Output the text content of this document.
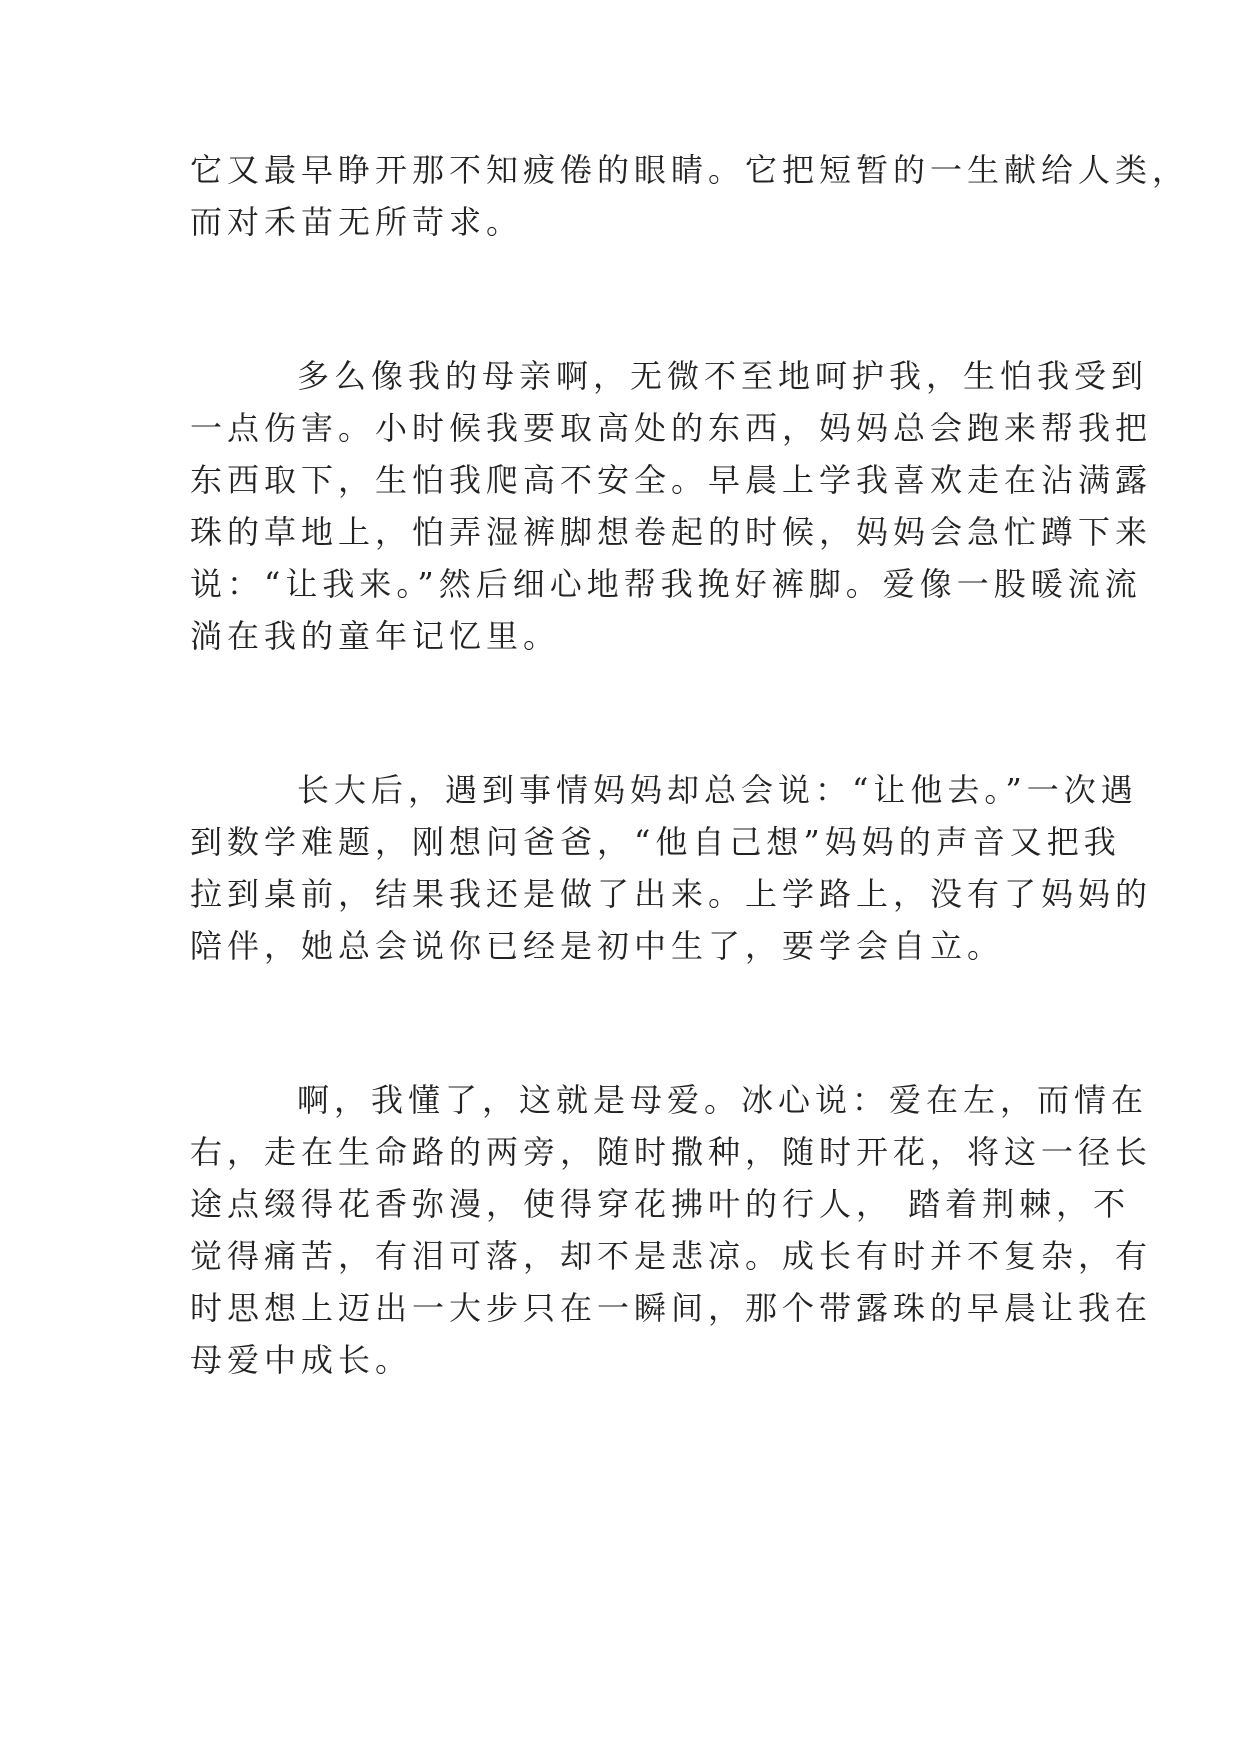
它又最早睁开那不知疲倦的眼睛。它把短暂的一生献给人类，

而对禾苗无所苛求。

多么像我的母亲啊，无微不至地呵护我，生怕我受到

一点伤害。小时候我要取高处的东西，妈妈总会跑来帮我把

东西取下，生怕我爬高不安全。早晨上学我喜欢走在沾满露

珠的草地上，怕弄湿裤脚想卷起的时候，妈妈会急忙蹲下来

说：“让我来。”然后细心地帮我挽好裤脚。爱像一股暖流流

淌在我的童年记忆里。

长大后，遇到事情妈妈却总会说：“让他去。”一次遇

到数学难题，刚想问爸爸，“他自己想”妈妈的声音又把我

拉到桌前，结果我还是做了出来。上学路上，没有了妈妈的

陪伴，她总会说你已经是初中生了，要学会自立。

啊，我懂了，这就是母爱。冰心说：爱在左，而情在

右，走在生命路的两旁，随时撒种，随时开花，将这一径长

途点缀得花香弥漫，使得穿花拂叶的行人， 踏着荆棘，不

觉得痛苦，有泪可落，却不是悲凉。成长有时并不复杂，有

时思想上迈出一大步只在一瞬间，那个带露珠的早晨让我在

母爱中成长。
